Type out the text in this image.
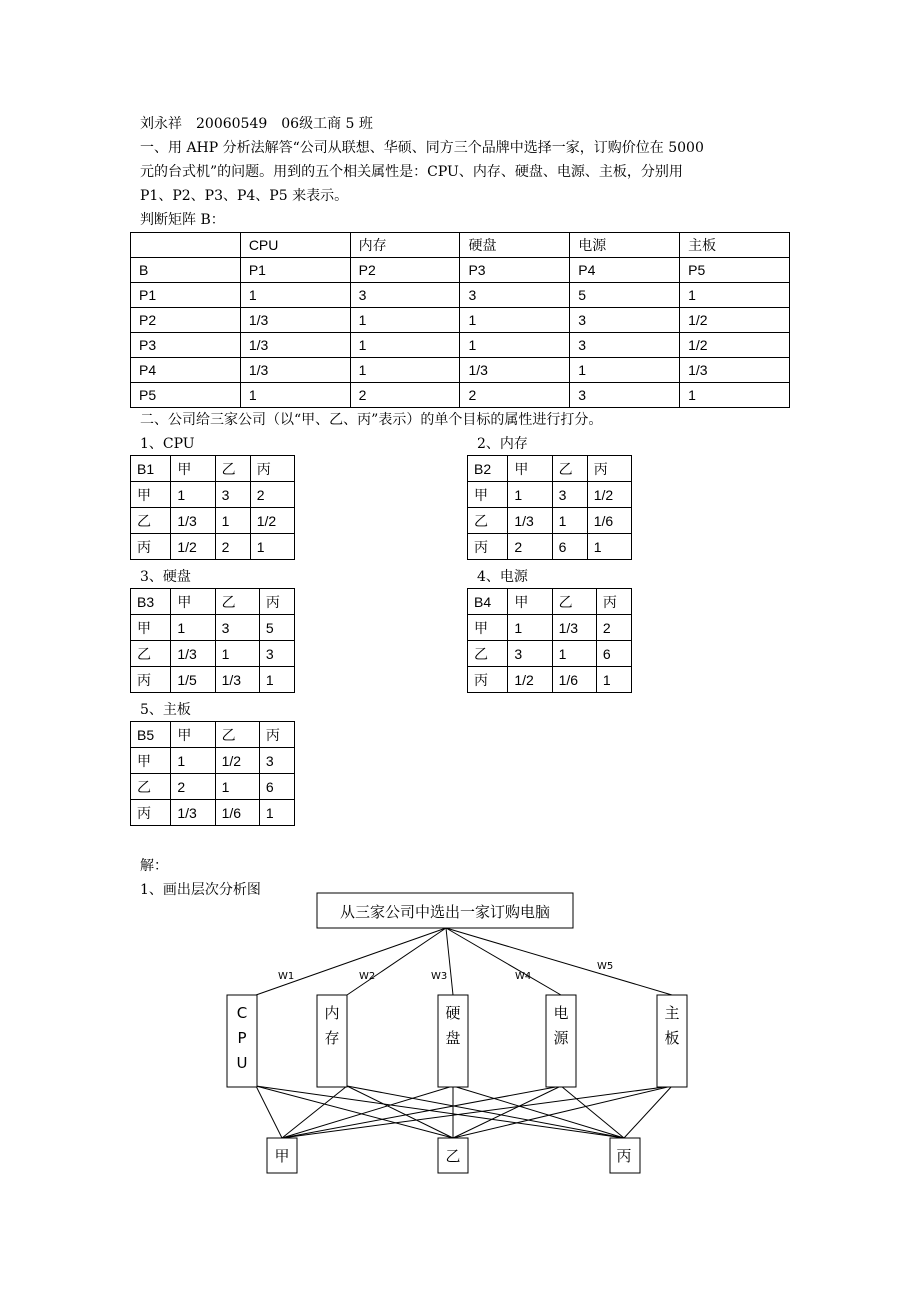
刘永祥　20060549　06级工商 5 班
一、用 AHP 分析法解答“公司从联想、华硕、同方三个品牌中选择一家，订购价位在 5000
元的台式机”的问题。用到的五个相关属性是：CPU、内存、硬盘、电源、主板，分别用
P1、P2、P3、P4、P5 来表示。
判断矩阵 B：
	CPU	内存	硬盘	电源	主板
B	P1	P2	P3	P4	P5
P1	1	3	3	5	1
P2	1/3	1	1	3	1/2
P3	1/3	1	1	3	1/2
P4	1/3	1	1/3	1	1/3
P5	1	2	2	3	1
二、公司给三家公司（以“甲、乙、丙”表示）的单个目标的属性进行打分。
1、CPU
B1	甲	乙	丙
甲	1	3	2
乙	1/3	1	1/2
丙	1/2	2	1
2、内存
B2	甲	乙	丙
甲	1	3	1/2
乙	1/3	1	1/6
丙	2	6	1
3、硬盘
B3	甲	乙	丙
甲	1	3	5
乙	1/3	1	3
丙	1/5	1/3	1
4、电源
B4	甲	乙	丙
甲	1	1/3	2
乙	3	1	6
丙	1/2	1/6	1
5、主板
B5	甲	乙	丙
甲	1	1/2	3
乙	2	1	6
丙	1/3	1/6	1
解：
1、画出层次分析图
从三家公司中选出一家订购电脑
C
P
U
内
存
硬
盘
电
源
主
板
甲	乙	丙
W1	W2	W3	W4
W5
